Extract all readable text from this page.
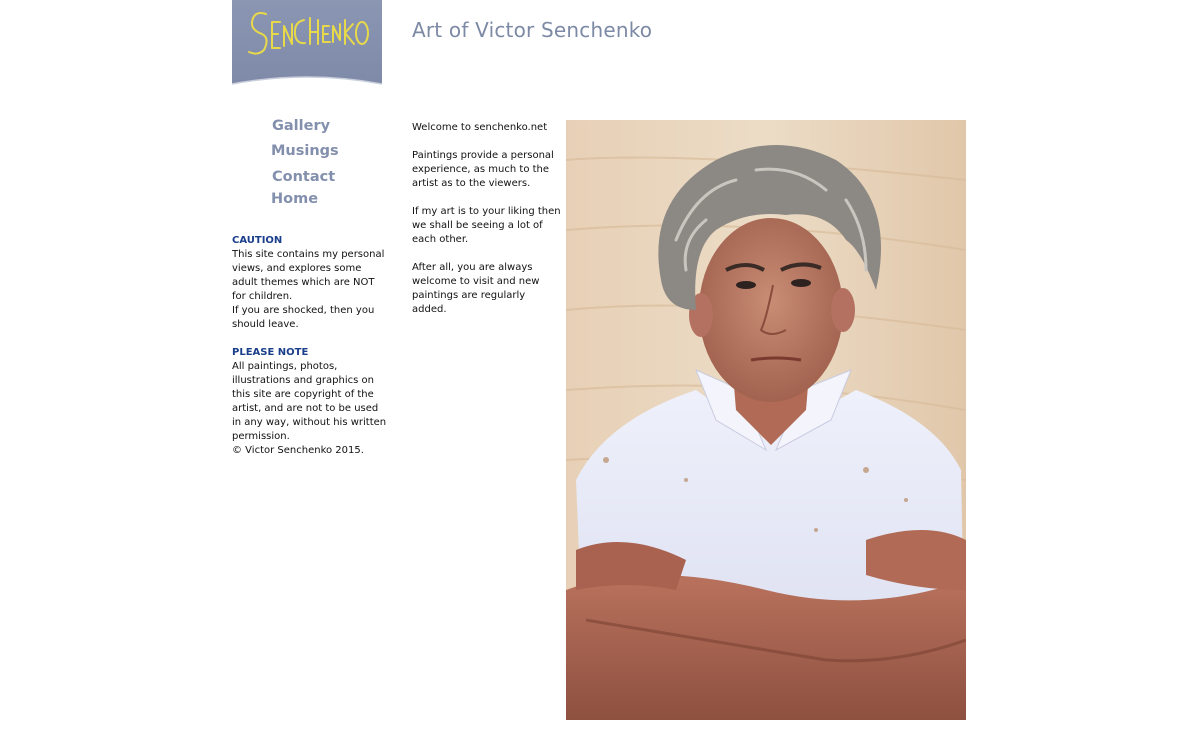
Art of Victor Senchenko
Gallery
Musings
Contact
Home
CAUTION

This site contains my personal views, and explores some adult themes which are NOT for children.

If you are shocked, then you should leave.

PLEASE NOTE

All paintings, photos, illustrations and graphics on this site are copyright of the artist, and are not to be used in any way, without his written permission.

© Victor Senchenko 2015.

Welcome to senchenko.net

Paintings provide a personal experience, as much to the artist as to the viewers.

If my art is to your liking then we shall be seeing a lot of each other.

After all, you are always welcome to visit and new paintings are regularly added.
